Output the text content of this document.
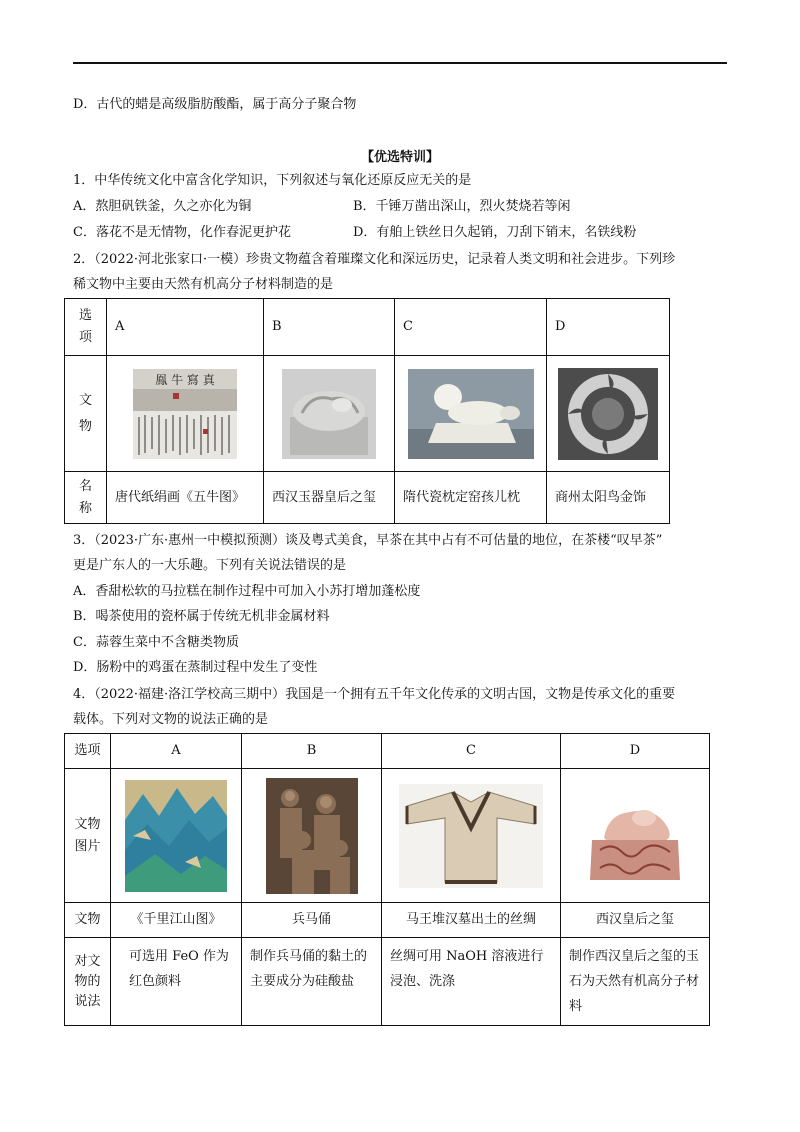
D．古代的蜡是高级脂肪酸酯，属于高分子聚合物
【优选特训】
1．中华传统文化中富含化学知识，下列叙述与氧化还原反应无关的是
A．熬胆矾铁釜，久之亦化为铜	B．千锤万凿出深山，烈火焚烧若等闲
C．落花不是无情物，化作春泥更护花	D．有舶上铁丝日久起销，刀刮下销末，名铁线粉
2．（2022·河北张家口·一模）珍贵文物蕴含着璀璨文化和深远历史，记录着人类文明和社会进步。下列珍
稀文物中主要由天然有机高分子材料制造的是
选项	A	B	C	D

文物	鳯 牛 寫 真

名称	唐代纸绢画《五牛图》	西汉玉器皇后之玺	隋代瓷枕定窑孩儿枕	商州太阳鸟金饰
3．（2023·广东·惠州一中模拟预测）谈及粤式美食，早茶在其中占有不可估量的地位，在茶楼“叹早茶”
更是广东人的一大乐趣。下列有关说法错误的是
A．香甜松软的马拉糕在制作过程中可加入小苏打增加蓬松度
B．喝茶使用的瓷杯属于传统无机非金属材料
C．蒜蓉生菜中不含糖类物质
D．肠粉中的鸡蛋在蒸制过程中发生了变性
4．（2022·福建·洛江学校高三期中）我国是一个拥有五千年文化传承的文明古国，文物是传承文化的重要
载体。下列对文物的说法正确的是
选项	A	B	C	D

文物图片

文物	《千里江山图》	兵马俑	马王堆汉墓出土的丝绸	西汉皇后之玺

对文物的说法	可选用 FeO 作为红色颜料	制作兵马俑的黏土的主要成分为硅酸盐	丝绸可用 NaOH 溶液进行浸泡、洗涤	制作西汉皇后之玺的玉石为天然有机高分子材料
